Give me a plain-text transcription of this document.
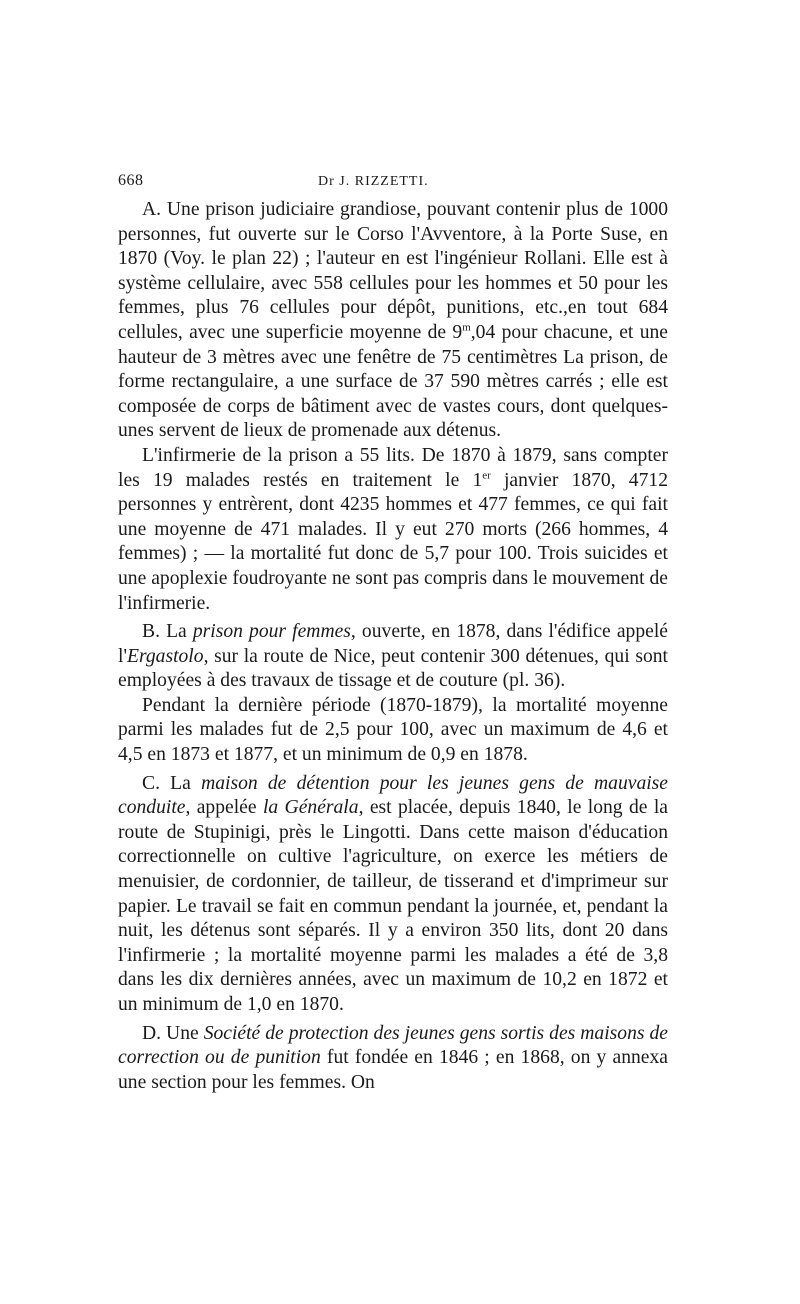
668	Dr J. RIZZETTI.

A. Une prison judiciaire grandiose, pouvant contenir plus de 1000 personnes, fut ouverte sur le Corso l'Avventore, à la Porte Suse, en 1870 (Voy. le plan 22) ; l'auteur en est l'ingénieur Rollani. Elle est à système cellulaire, avec 558 cellules pour les hommes et 50 pour les femmes, plus 76 cellules pour dépôt, punitions, etc.,en tout 684 cellules, avec une superficie moyenne de 9$^m$,04 pour chacune, et une hauteur de 3 mètres avec une fenêtre de 75 centimètres La prison, de forme rectangulaire, a une surface de 37 590 mètres carrés ; elle est composée de corps de bâtiment avec de vastes cours, dont quelques-unes servent de lieux de promenade aux détenus.

L'infirmerie de la prison a 55 lits. De 1870 à 1879, sans compter les 19 malades restés en traitement le 1er janvier 1870, 4712 personnes y entrèrent, dont 4235 hommes et 477 femmes, ce qui fait une moyenne de 471 malades. Il y eut 270 morts (266 hommes, 4 femmes) ; — la mortalité fut donc de 5,7 pour 100. Trois suicides et une apoplexie foudroyante ne sont pas compris dans le mouvement de l'infirmerie.

B. La prison pour femmes, ouverte, en 1878, dans l'édifice appelé l'Ergastolo, sur la route de Nice, peut contenir 300 détenues, qui sont employées à des travaux de tissage et de couture (pl. 36).

Pendant la dernière période (1870-1879), la mortalité moyenne parmi les malades fut de 2,5 pour 100, avec un maximum de 4,6 et 4,5 en 1873 et 1877, et un minimum de 0,9 en 1878.

C. La maison de détention pour les jeunes gens de mauvaise conduite, appelée la Générala, est placée, depuis 1840, le long de la route de Stupinigi, près le Lingotti. Dans cette maison d'éducation correctionnelle on cultive l'agriculture, on exerce les métiers de menuisier, de cordonnier, de tailleur, de tisserand et d'imprimeur sur papier. Le travail se fait en commun pendant la journée, et, pendant la nuit, les détenus sont séparés. Il y a environ 350 lits, dont 20 dans l'infirmerie ; la mortalité moyenne parmi les malades a été de 3,8 dans les dix dernières années, avec un maximum de 10,2 en 1872 et un minimum de 1,0 en 1870.

D. Une Société de protection des jeunes gens sortis des maisons de correction ou de punition fut fondée en 1846 ; en 1868, on y annexa une section pour les femmes. On
